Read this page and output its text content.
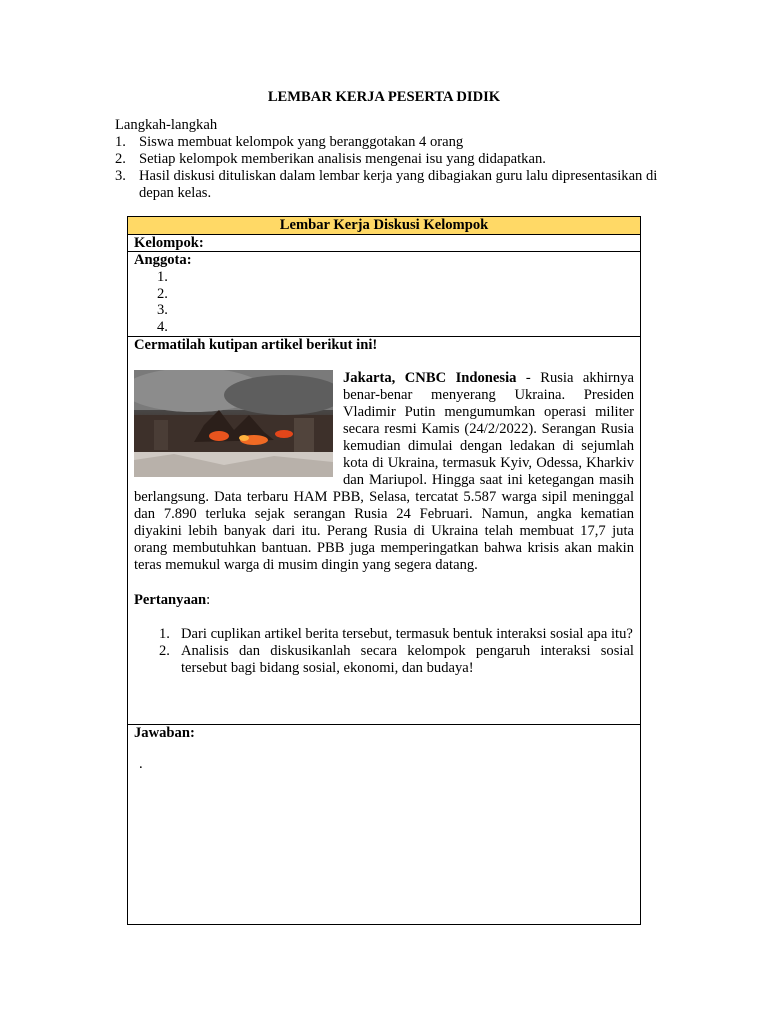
LEMBAR KERJA PESERTA DIDIK

Langkah-langkah

1. Siswa membuat kelompok yang beranggotakan 4 orang
2. Setiap kelompok memberikan analisis mengenai isu yang didapatkan.
3. Hasil diskusi dituliskan dalam lembar kerja yang dibagiakan guru lalu dipresentasikan di depan kelas.
Lembar Kerja Diskusi Kelompok
Kelompok:
Anggota:
1.
2.
3.
4.

Cermatilah kutipan artikel berikut ini!

Jakarta, CNBC Indonesia - Rusia akhirnya benar-benar menyerang Ukraina. Presiden Vladimir Putin mengumumkan operasi militer secara resmi Kamis (24/2/2022). Serangan Rusia kemudian dimulai dengan ledakan di sejumlah kota di Ukraina, termasuk Kyiv, Odessa, Kharkiv dan Mariupol. Hingga saat ini ketegangan masih berlangsung. Data terbaru HAM PBB, Selasa, tercatat 5.587 warga sipil meninggal dan 7.890 terluka sejak serangan Rusia 24 Februari. Namun, angka kematian diyakini lebih banyak dari itu. Perang Rusia di Ukraina telah membuat 17,7 juta orang membutuhkan bantuan. PBB juga memperingatkan bahwa krisis akan makin teras memukul warga di musim dingin yang segera datang.

Pertanyaan:

1. Dari cuplikan artikel berita tersebut, termasuk bentuk interaksi sosial apa itu?
2. Analisis dan diskusikanlah secara kelompok pengaruh interaksi sosial tersebut bagi bidang sosial, ekonomi, dan budaya!
Jawaban:
.
